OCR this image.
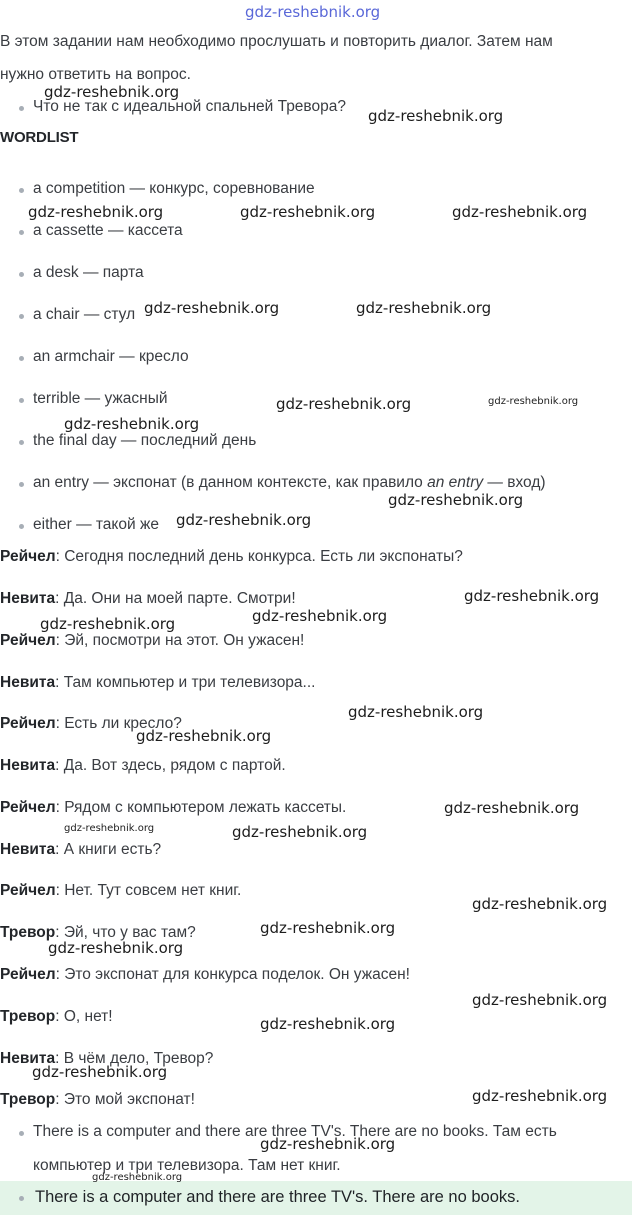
gdz-reshebnik.org
В этом задании нам необходимо прослушать и повторить диалог. Затем нам
нужно ответить на вопрос.
Что не так с идеальной спальней Тревора?
WORDLIST
a competition — конкурс, соревнование
a cassette — кассета
a desk — парта
a chair — стул
an armchair — кресло
terrible — ужасный
the final day — последний день
an entry — экспонат (в данном контексте, как правило an entry — вход)
either — такой же
Рейчел: Сегодня последний день конкурса. Есть ли экспонаты?
Невита: Да. Они на моей парте. Смотри!
Рейчел: Эй, посмотри на этот. Он ужасен!
Невита: Там компьютер и три телевизора...
Рейчел: Есть ли кресло?
Невита: Да. Вот здесь, рядом с партой.
Рейчел: Рядом с компьютером лежать кассеты.
Невита: А книги есть?
Рейчел: Нет. Тут совсем нет книг.
Тревор: Эй, что у вас там?
Рейчел: Это экспонат для конкурса поделок. Он ужасен!
Тревор: О, нет!
Невита: В чём дело, Тревор?
Тревор: Это мой экспонат!
There is a computer and there are three TV's. There are no books. Там есть
компьютер и три телевизора. Там нет книг.
There is a computer and there are three TV's. There are no books.
gdz-reshebnik.org
gdz-reshebnik.org
gdz-reshebnik.org	gdz-reshebnik.org	gdz-reshebnik.org
gdz-reshebnik.org	gdz-reshebnik.org
gdz-reshebnik.org	gdz-reshebnik.org
gdz-reshebnik.org
gdz-reshebnik.org
gdz-reshebnik.org
gdz-reshebnik.org
gdz-reshebnik.org
gdz-reshebnik.org
gdz-reshebnik.org
gdz-reshebnik.org
gdz-reshebnik.org
gdz-reshebnik.org	gdz-reshebnik.org
gdz-reshebnik.org
gdz-reshebnik.org
gdz-reshebnik.org
gdz-reshebnik.org
gdz-reshebnik.org
gdz-reshebnik.org
gdz-reshebnik.org
gdz-reshebnik.org
gdz-reshebnik.org
